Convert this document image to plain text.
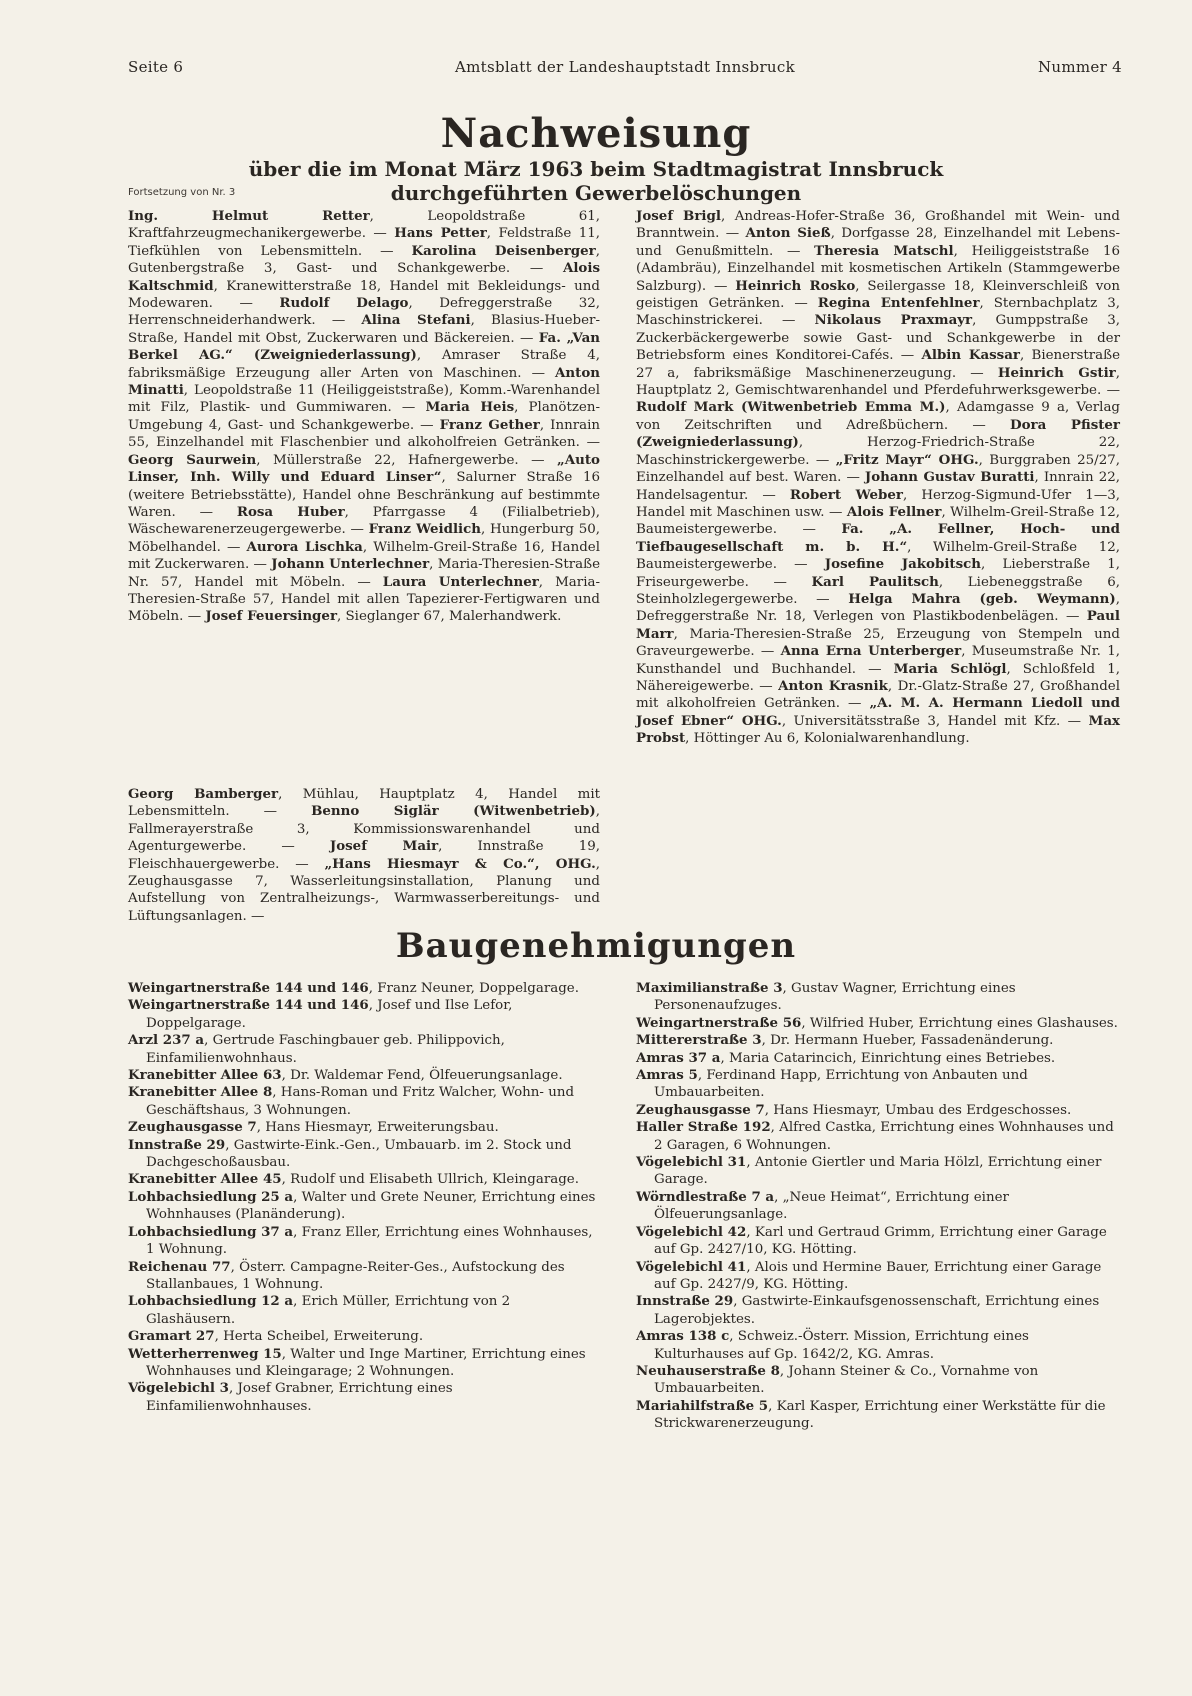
Seite 6	Amtsblatt der Landeshauptstadt Innsbruck	Nummer 4
Nachweisung
über die im Monat März 1963 beim Stadtmagistrat Innsbruck
durchgeführten Gewerbelöschungen
Fortsetzung von Nr. 3

Ing. Helmut Retter, Leopoldstraße 61, Kraftfahrzeugmechanikergewerbe. — Hans Petter, Feldstraße 11, Tiefkühlen von Lebensmitteln. — Karolina Deisenberger, Gutenbergstraße 3, Gast- und Schankgewerbe. — Alois Kaltschmid, Kranewitterstraße 18, Handel mit Bekleidungs- und Modewaren. — Rudolf Delago, Defreggerstraße 32, Herrenschneiderhandwerk. — Alina Stefani, Blasius-Hueber-Straße, Handel mit Obst, Zuckerwaren und Bäckereien. — Fa. „Van Berkel AG.“ (Zweigniederlassung), Amraser Straße 4, fabriksmäßige Erzeugung aller Arten von Maschinen. — Anton Minatti, Leopoldstraße 11 (Heiliggeiststraße), Komm.-Warenhandel mit Filz, Plastik- und Gummiwaren. — Maria Heis, Planötzen-Umgebung 4, Gast- und Schankgewerbe. — Franz Gether, Innrain 55, Einzelhandel mit Flaschenbier und alkoholfreien Getränken. — Georg Saurwein, Müllerstraße 22, Hafnergewerbe. — „Auto Linser, Inh. Willy und Eduard Linser“, Salurner Straße 16 (weitere Betriebsstätte), Handel ohne Beschränkung auf bestimmte Waren. — Rosa Huber, Pfarrgasse 4 (Filialbetrieb), Wäschewarenerzeugergewerbe. — Franz Weidlich, Hungerburg 50, Möbelhandel. — Aurora Lischka, Wilhelm-Greil-Straße 16, Handel mit Zuckerwaren. — Johann Unterlechner, Maria-Theresien-Straße Nr. 57, Handel mit Möbeln. — Laura Unterlechner, Maria-Theresien-Straße 57, Handel mit allen Tapezierer-Fertigwaren und Möbeln. — Josef Feuersinger, Sieglanger 67, Malerhandwerk.

Georg Bamberger, Mühlau, Hauptplatz 4, Handel mit Lebensmitteln. — Benno Siglär (Witwenbetrieb), Fallmerayerstraße 3, Kommissionswarenhandel und Agenturgewerbe. — Josef Mair, Innstraße 19, Fleischhauergewerbe. — „Hans Hiesmayr & Co.“, OHG., Zeughausgasse 7, Wasserleitungsinstallation, Planung und Aufstellung von Zentralheizungs-, Warmwasserbereitungs- und Lüftungsanlagen. —

Josef Brigl, Andreas-Hofer-Straße 36, Großhandel mit Wein- und Branntwein. — Anton Sieß, Dorfgasse 28, Einzelhandel mit Lebens- und Genußmitteln. — Theresia Matschl, Heiliggeiststraße 16 (Adambräu), Einzelhandel mit kosmetischen Artikeln (Stammgewerbe Salzburg). — Heinrich Rosko, Seilergasse 18, Kleinverschleiß von geistigen Getränken. — Regina Entenfehlner, Sternbachplatz 3, Maschinstrickerei. — Nikolaus Praxmayr, Gumppstraße 3, Zuckerbäckergewerbe sowie Gast- und Schankgewerbe in der Betriebsform eines Konditorei-Cafés. — Albin Kassar, Bienerstraße 27 a, fabriksmäßige Maschinenerzeugung. — Heinrich Gstir, Hauptplatz 2, Gemischtwarenhandel und Pferdefuhrwerksgewerbe. — Rudolf Mark (Witwenbetrieb Emma M.), Adamgasse 9 a, Verlag von Zeitschriften und Adreßbüchern. — Dora Pfister (Zweigniederlassung), Herzog-Friedrich-Straße 22, Maschinstrickergewerbe. — „Fritz Mayr“ OHG., Burggraben 25/27, Einzelhandel auf best. Waren. — Johann Gustav Buratti, Innrain 22, Handelsagentur. — Robert Weber, Herzog-Sigmund-Ufer 1—3, Handel mit Maschinen usw. — Alois Fellner, Wilhelm-Greil-Straße 12, Baumeistergewerbe. — Fa. „A. Fellner, Hoch- und Tiefbaugesellschaft m. b. H.“, Wilhelm-Greil-Straße 12, Baumeistergewerbe. — Josefine Jakobitsch, Lieberstraße 1, Friseurgewerbe. — Karl Paulitsch, Liebeneggstraße 6, Steinholzlegergewerbe. — Helga Mahra (geb. Weymann), Defreggerstraße Nr. 18, Verlegen von Plastikbodenbelägen. — Paul Marr, Maria-Theresien-Straße 25, Erzeugung von Stempeln und Graveurgewerbe. — Anna Erna Unterberger, Museumstraße Nr. 1, Kunsthandel und Buchhandel. — Maria Schlögl, Schloßfeld 1, Nähereigewerbe. — Anton Krasnik, Dr.-Glatz-Straße 27, Großhandel mit alkoholfreien Getränken. — „A. M. A. Hermann Liedoll und Josef Ebner“ OHG., Universitätsstraße 3, Handel mit Kfz. — Max Probst, Höttinger Au 6, Kolonialwarenhandlung.

Baugenehmigungen

Weingartnerstraße 144 und 146, Franz Neuner, Doppelgarage.

Weingartnerstraße 144 und 146, Josef und Ilse Lefor, Doppelgarage.

Arzl 237 a, Gertrude Faschingbauer geb. Philippovich, Einfamilienwohnhaus.

Kranebitter Allee 63, Dr. Waldemar Fend, Ölfeuerungsanlage.

Kranebitter Allee 8, Hans-Roman und Fritz Walcher, Wohn- und Geschäftshaus, 3 Wohnungen.

Zeughausgasse 7, Hans Hiesmayr, Erweiterungsbau.

Innstraße 29, Gastwirte-Eink.-Gen., Umbauarb. im 2. Stock und Dachgeschoßausbau.

Kranebitter Allee 45, Rudolf und Elisabeth Ullrich, Kleingarage.

Lohbachsiedlung 25 a, Walter und Grete Neuner, Errichtung eines Wohnhauses (Planänderung).

Lohbachsiedlung 37 a, Franz Eller, Errichtung eines Wohnhauses, 1 Wohnung.

Reichenau 77, Österr. Campagne-Reiter-Ges., Aufstockung des Stallanbaues, 1 Wohnung.

Lohbachsiedlung 12 a, Erich Müller, Errichtung von 2 Glashäusern.

Gramart 27, Herta Scheibel, Erweiterung.

Wetterherrenweg 15, Walter und Inge Martiner, Errichtung eines Wohnhauses und Kleingarage; 2 Wohnungen.

Vögelebichl 3, Josef Grabner, Errichtung eines Einfamilienwohnhauses.

Maximilianstraße 3, Gustav Wagner, Errichtung eines Personenaufzuges.

Weingartnerstraße 56, Wilfried Huber, Errichtung eines Glashauses.

Mittererstraße 3, Dr. Hermann Hueber, Fassadenänderung.

Amras 37 a, Maria Catarincich, Einrichtung eines Betriebes.

Amras 5, Ferdinand Happ, Errichtung von Anbauten und Umbauarbeiten.

Zeughausgasse 7, Hans Hiesmayr, Umbau des Erdgeschosses.

Haller Straße 192, Alfred Castka, Errichtung eines Wohnhauses und 2 Garagen, 6 Wohnungen.

Vögelebichl 31, Antonie Giertler und Maria Hölzl, Errichtung einer Garage.

Wörndlestraße 7 a, „Neue Heimat“, Errichtung einer Ölfeuerungsanlage.

Vögelebichl 42, Karl und Gertraud Grimm, Errichtung einer Garage auf Gp. 2427/10, KG. Hötting.

Vögelebichl 41, Alois und Hermine Bauer, Errichtung einer Garage auf Gp. 2427/9, KG. Hötting.

Innstraße 29, Gastwirte-Einkaufsgenossenschaft, Errichtung eines Lagerobjektes.

Amras 138 c, Schweiz.-Österr. Mission, Errichtung eines Kulturhauses auf Gp. 1642/2, KG. Amras.

Neuhauserstraße 8, Johann Steiner & Co., Vornahme von Umbauarbeiten.

Mariahilfstraße 5, Karl Kasper, Errichtung einer Werkstätte für die Strickwarenerzeugung.
